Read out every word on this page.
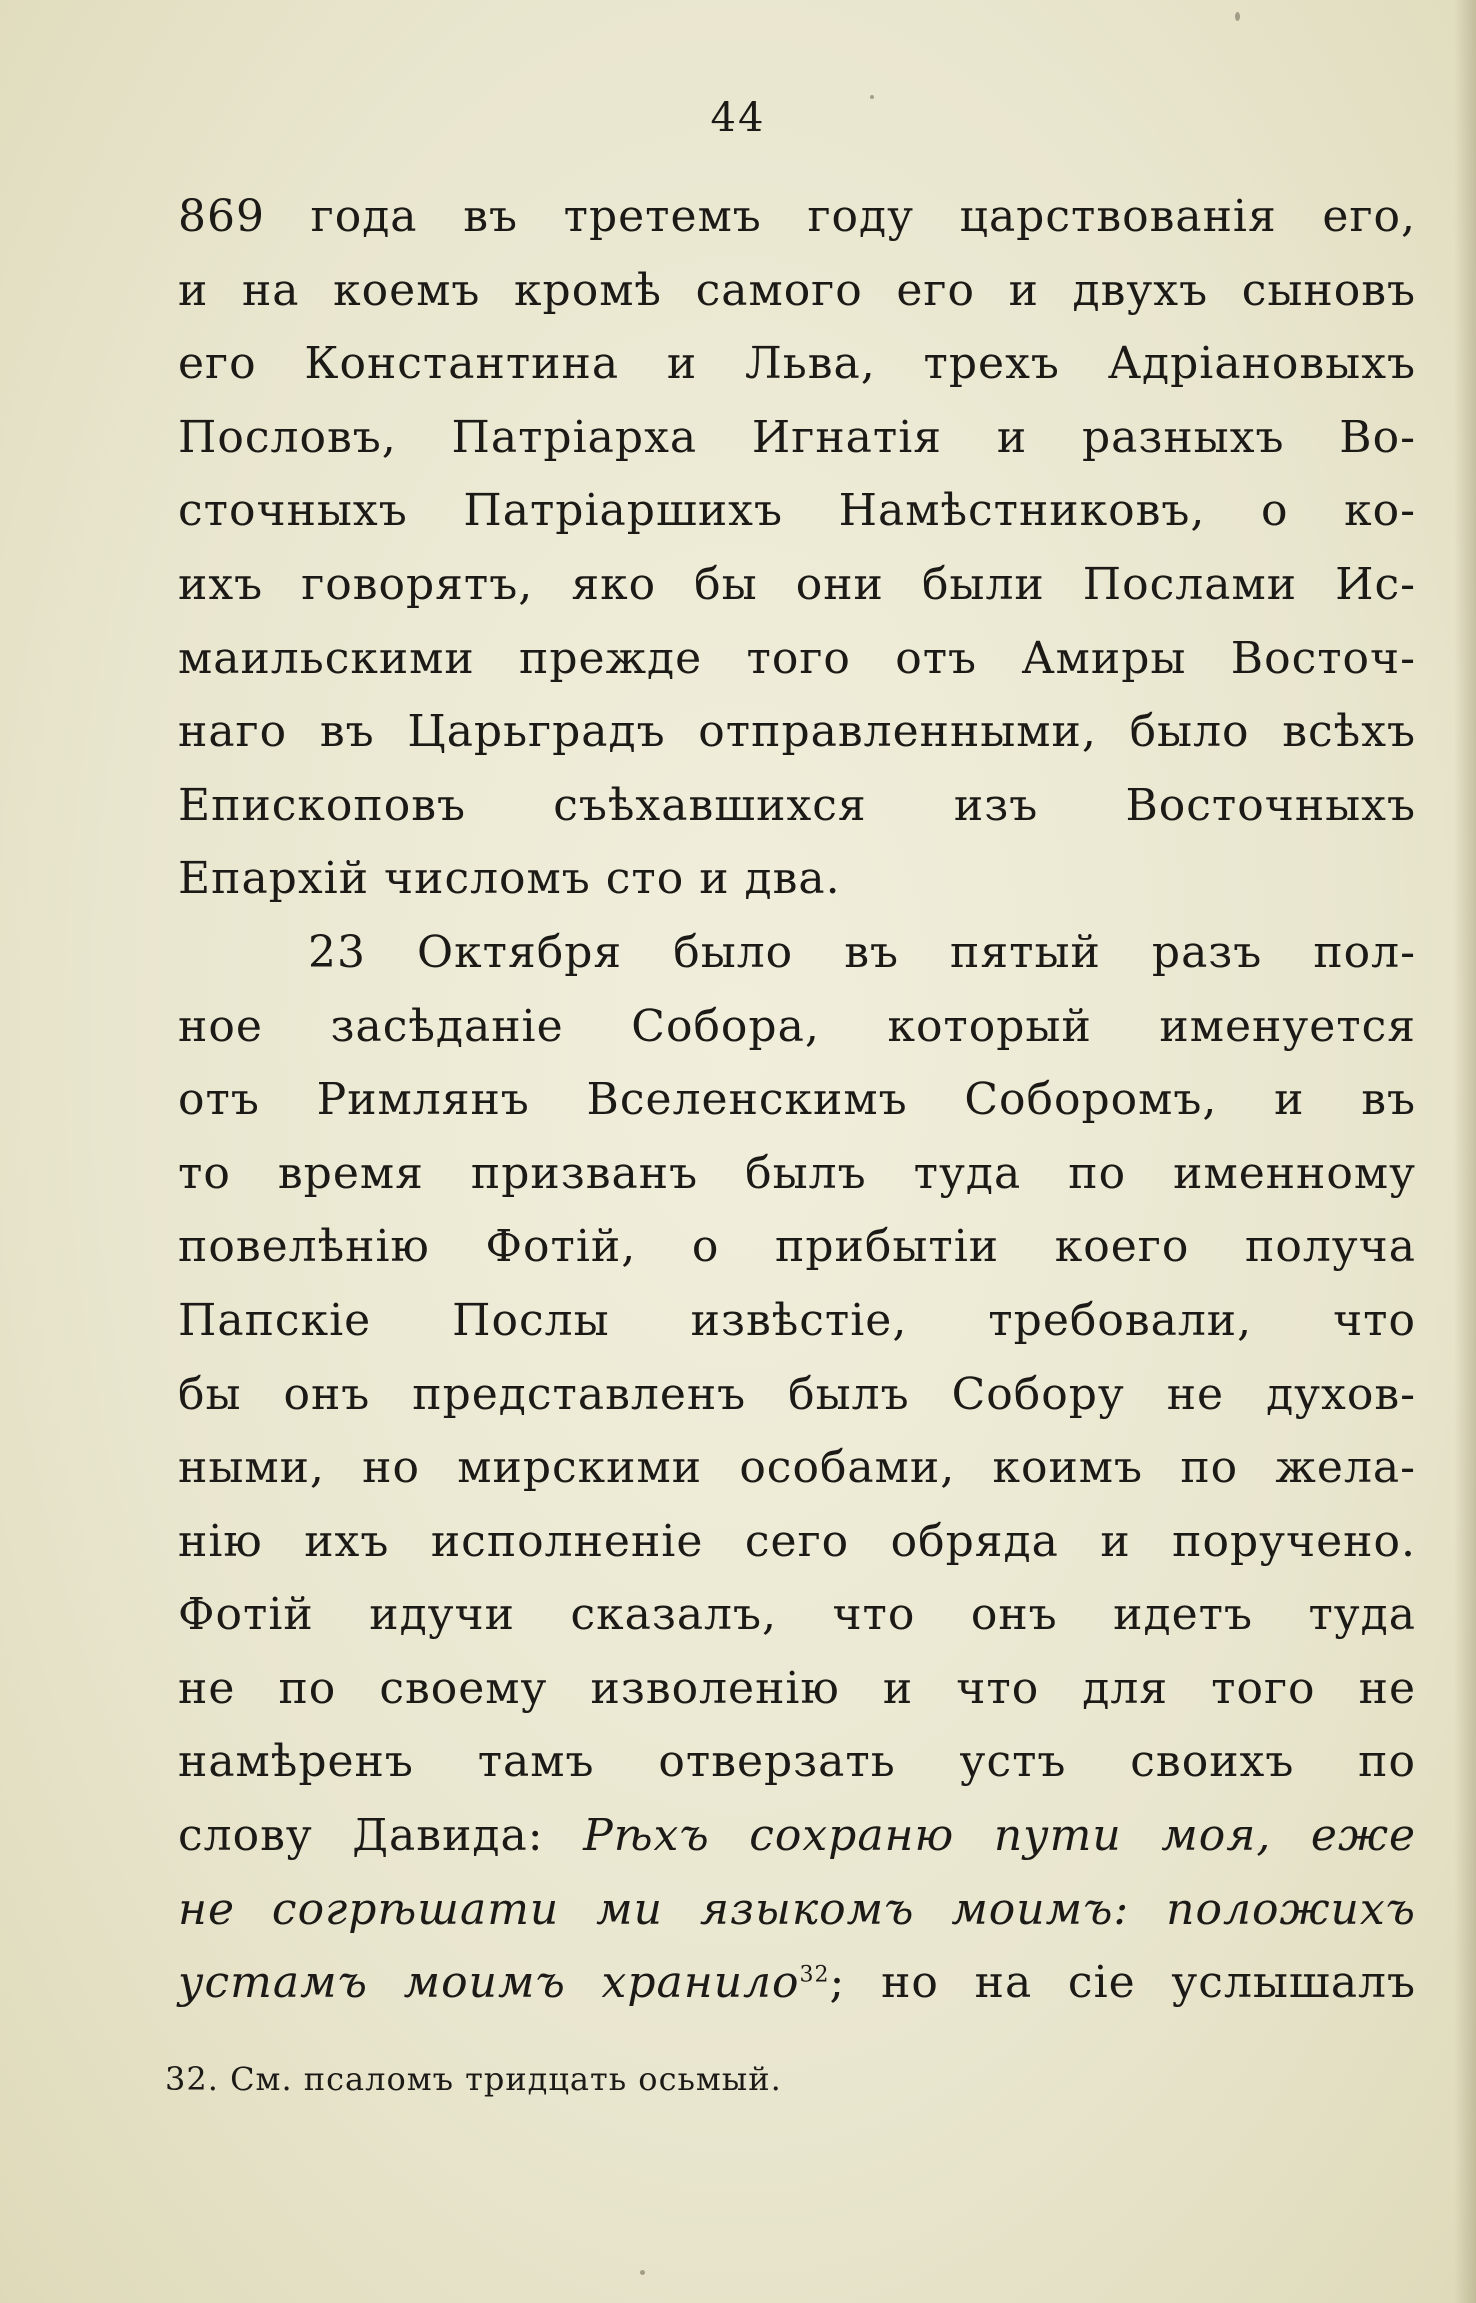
44
869 года въ третемъ году царствованія его,
и на коемъ кромѣ самого его и двухъ сыновъ
его Константина и Льва, трехъ Адріановыхъ
Пословъ, Патріарха Игнатія и разныхъ Во-
сточныхъ Патріаршихъ Намѣстниковъ, о ко-
ихъ говорятъ, яко бы они были Послами Ис-
маильскими прежде того отъ Амиры Восточ-
наго въ Царьградъ отправленными, было всѣхъ
Епископовъ съѣхавшихся изъ Восточныхъ
Епархій числомъ сто и два.
23 Октября было въ пятый разъ пол-
ное засѣданіе Собора, который именуется
отъ Римлянъ Вселенскимъ Соборомъ, и въ
то время призванъ былъ туда по именному
повелѣнію Фотій, о прибытіи коего получа
Папскіе Послы извѣстіе, требовали, что
бы онъ представленъ былъ Собору не духов-
ными, но мирскими особами, коимъ по жела-
нію ихъ исполненіе сего обряда и поручено.
Фотій идучи сказалъ, что онъ идетъ туда
не по своему изволенію и что для того не
намѣренъ тамъ отверзать устъ своихъ по
слову Давида: Рѣхъ сохраню пути моя, еже
не согрѣшати ми языкомъ моимъ: положихъ
устамъ моимъ хранило$^{32}$; но на сіе услышалъ
32. См. псаломъ тридцать осьмый.
